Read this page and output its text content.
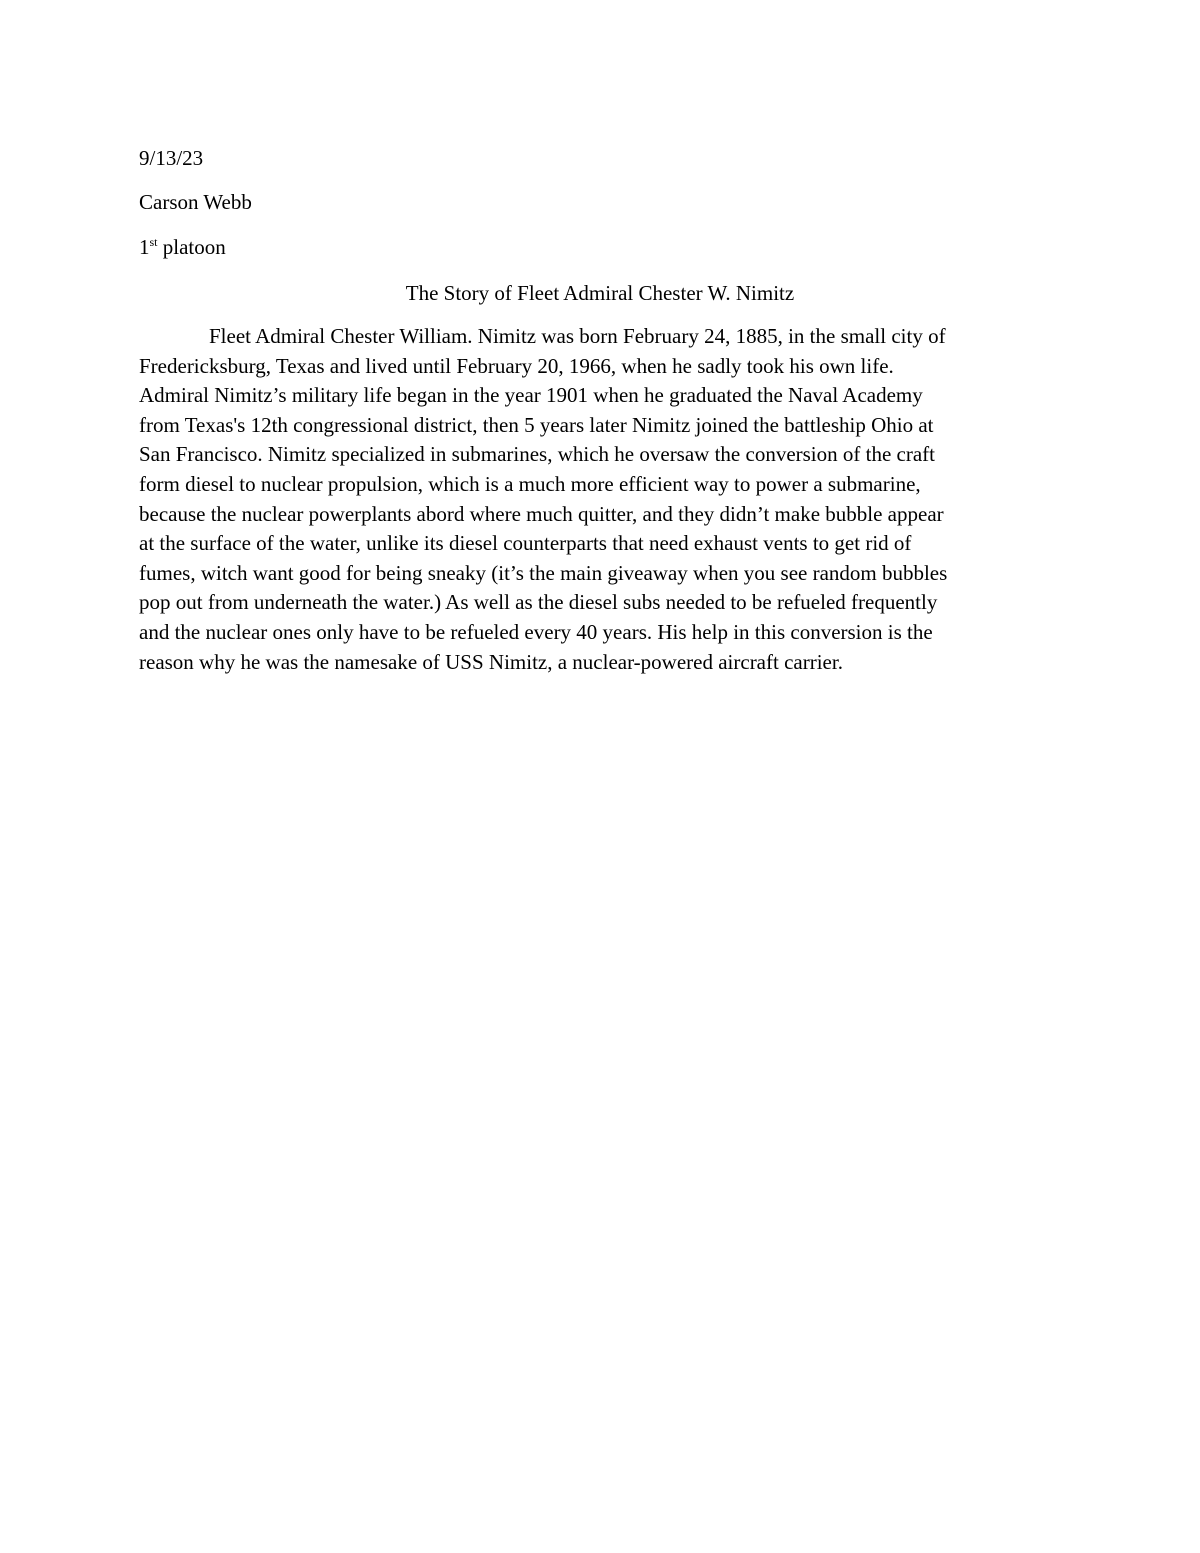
9/13/23
Carson Webb
1st platoon
The Story of Fleet Admiral Chester W. Nimitz
Fleet Admiral Chester William. Nimitz was born February 24, 1885, in the small city of
Fredericksburg, Texas and lived until February 20, 1966, when he sadly took his own life.
Admiral Nimitz’s military life began in the year 1901 when he graduated the Naval Academy
from Texas's 12th congressional district, then 5 years later Nimitz joined the battleship Ohio at
San Francisco. Nimitz specialized in submarines, which he oversaw the conversion of the craft
form diesel to nuclear propulsion, which is a much more efficient way to power a submarine,
because the nuclear powerplants abord where much quitter, and they didn’t make bubble appear
at the surface of the water, unlike its diesel counterparts that need exhaust vents to get rid of
fumes, witch want good for being sneaky (it’s the main giveaway when you see random bubbles
pop out from underneath the water.) As well as the diesel subs needed to be refueled frequently
and the nuclear ones only have to be refueled every 40 years. His help in this conversion is the
reason why he was the namesake of USS Nimitz, a nuclear-powered aircraft carrier.
